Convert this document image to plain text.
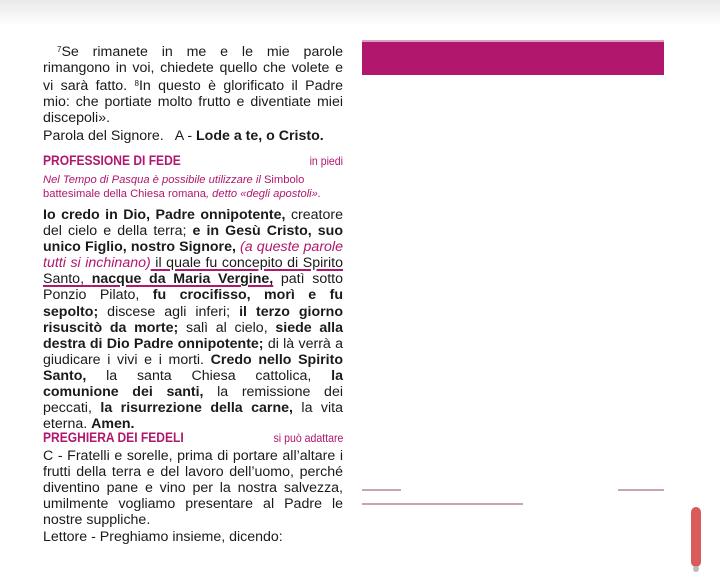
$^7$Se rimanete in me e le mie parole rimangono in voi, chiedete quello che volete e vi sarà fatto. $^8$In questo è glorificato il Padre mio: che portiate molto frutto e diventiate miei discepoli».

Parola del Signore.   A - Lode a te, o Cristo.

PROFESSIONE DI FEDE	in piedi
Nel Tempo di Pasqua è possibile utilizzare il Simbolo battesimale della Chiesa romana, detto «degli apostoli».
Io credo in Dio, Padre onnipotente, creatore del cielo e della terra; e in Gesù Cristo, suo unico Figlio, nostro Signore, (a queste parole tutti si inchinano) il quale fu concepito di Spirito Santo, nacque da Maria Vergine, patì sotto Ponzio Pilato, fu crocifisso, morì e fu sepolto; discese agli inferi; il terzo giorno risuscitò da morte; salì al cielo, siede alla destra di Dio Padre onnipotente; di là verrà a giudicare i vivi e i morti. Credo nello Spirito Santo, la santa Chiesa cattolica, la comunione dei santi, la remissione dei peccati, la risurrezione della carne, la vita eterna. Amen.
PREGHIERA DEI FEDELI	si può adattare
C - Fratelli e sorelle, prima di portare all’altare i frutti della terra e del lavoro dell’uomo, perché diventino pane e vino per la nostra salvezza, umilmente vogliamo presentare al Padre le nostre suppliche.
Lettore - Preghiamo insieme, dicendo:
